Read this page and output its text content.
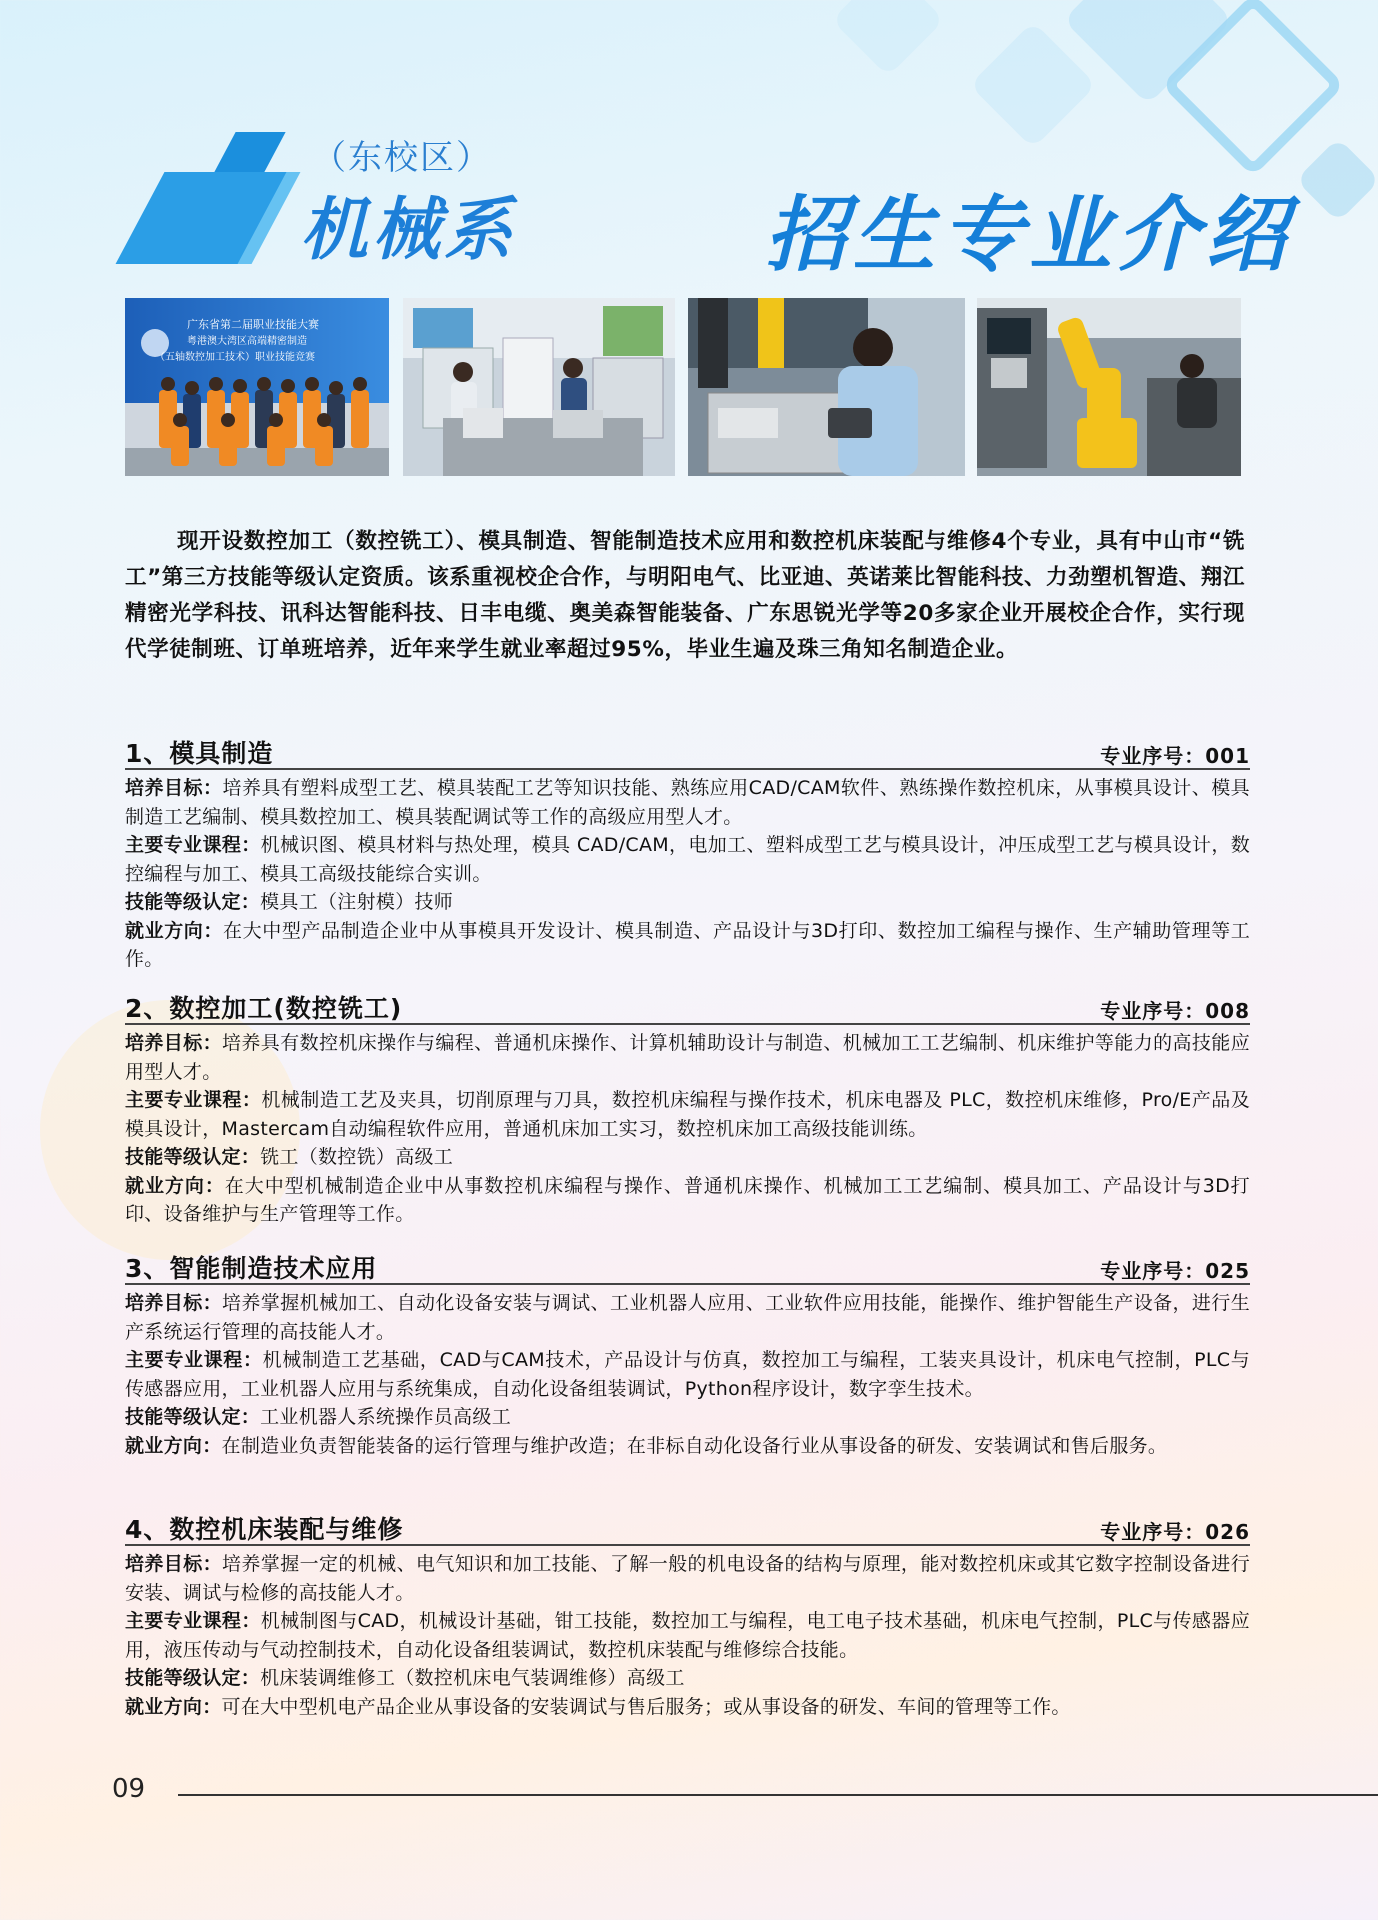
（东校区）
机械系	招生专业介绍
广东省第二届职业技能大赛
粤港澳大湾区高端精密制造
（五轴数控加工技术）职业技能竞赛
现开设数控加工（数控铣工）、模具制造、智能制造技术应用和数控机床装配与维修4个专业，具有中山市“铣工”第三方技能等级认定资质。该系重视校企合作，与明阳电气、比亚迪、英诺莱比智能科技、力劲塑机智造、翔江精密光学科技、讯科达智能科技、日丰电缆、奥美森智能装备、广东思锐光学等20多家企业开展校企合作，实行现代学徒制班、订单班培养，近年来学生就业率超过95%，毕业生遍及珠三角知名制造企业。
1、模具制造	专业序号：001

培养目标：培养具有塑料成型工艺、模具装配工艺等知识技能、熟练应用CAD/CAM软件、熟练操作数控机床，从事模具设计、模具制造工艺编制、模具数控加工、模具装配调试等工作的高级应用型人才。

主要专业课程：机械识图、模具材料与热处理，模具 CAD/CAM，电加工、塑料成型工艺与模具设计，冲压成型工艺与模具设计，数控编程与加工、模具工高级技能综合实训。

技能等级认定：模具工（注射模）技师

就业方向：在大中型产品制造企业中从事模具开发设计、模具制造、产品设计与3D打印、数控加工编程与操作、生产辅助管理等工作。

2、数控加工(数控铣工)	专业序号：008

培养目标：培养具有数控机床操作与编程、普通机床操作、计算机辅助设计与制造、机械加工工艺编制、机床维护等能力的高技能应用型人才。

主要专业课程：机械制造工艺及夹具，切削原理与刀具，数控机床编程与操作技术，机床电器及 PLC，数控机床维修，Pro/E产品及模具设计，Mastercam自动编程软件应用，普通机床加工实习，数控机床加工高级技能训练。

技能等级认定：铣工（数控铣）高级工

就业方向：在大中型机械制造企业中从事数控机床编程与操作、普通机床操作、机械加工工艺编制、模具加工、产品设计与3D打印、设备维护与生产管理等工作。

3、智能制造技术应用	专业序号：025

培养目标：培养掌握机械加工、自动化设备安装与调试、工业机器人应用、工业软件应用技能，能操作、维护智能生产设备，进行生产系统运行管理的高技能人才。

主要专业课程：机械制造工艺基础，CAD与CAM技术，产品设计与仿真，数控加工与编程，工装夹具设计，机床电气控制，PLC与传感器应用，工业机器人应用与系统集成，自动化设备组装调试，Python程序设计，数字孪生技术。

技能等级认定：工业机器人系统操作员高级工

就业方向：在制造业负责智能装备的运行管理与维护改造；在非标自动化设备行业从事设备的研发、安装调试和售后服务。

4、数控机床装配与维修	专业序号：026

培养目标：培养掌握一定的机械、电气知识和加工技能、了解一般的机电设备的结构与原理，能对数控机床或其它数字控制设备进行安装、调试与检修的高技能人才。

主要专业课程：机械制图与CAD，机械设计基础，钳工技能，数控加工与编程，电工电子技术基础，机床电气控制，PLC与传感器应用，液压传动与气动控制技术，自动化设备组装调试，数控机床装配与维修综合技能。

技能等级认定：机床装调维修工（数控机床电气装调维修）高级工

就业方向：可在大中型机电产品企业从事设备的安装调试与售后服务；或从事设备的研发、车间的管理等工作。

09
